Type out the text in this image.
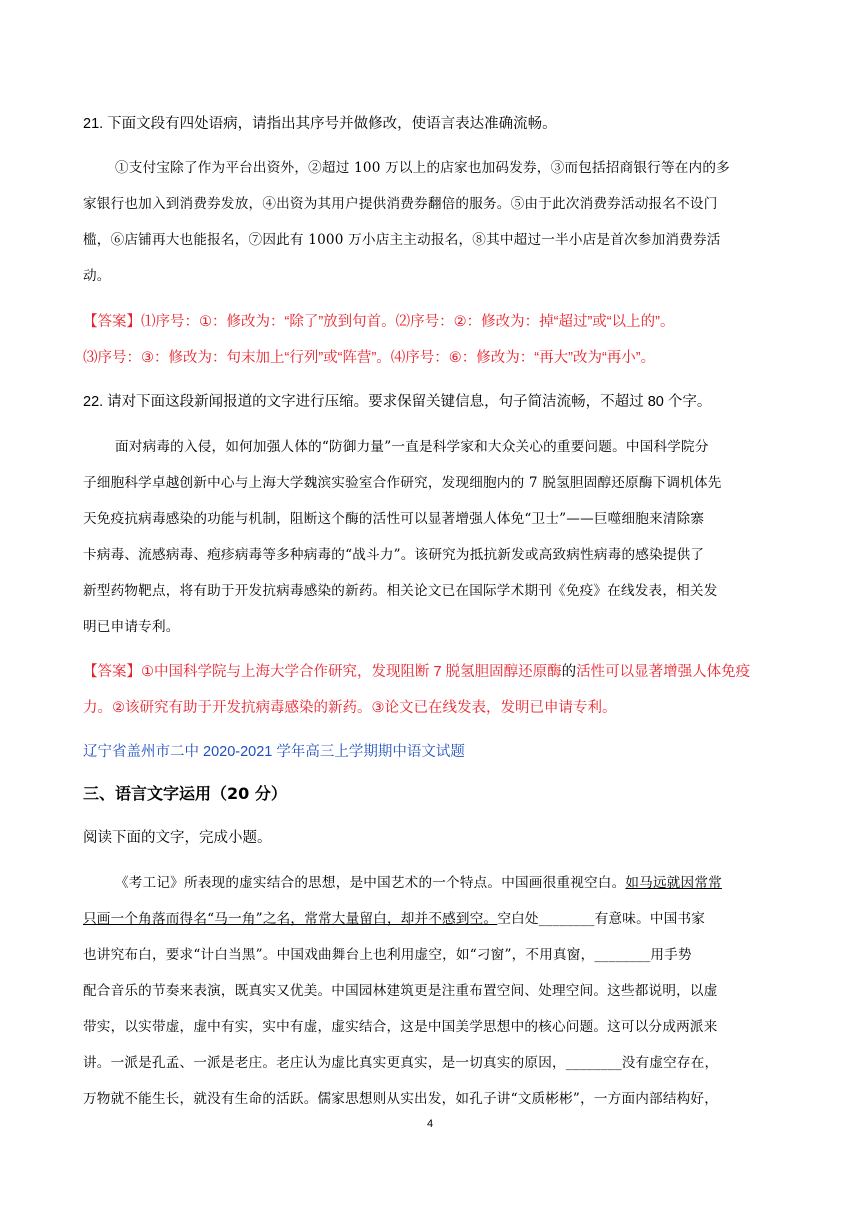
21. 下面文段有四处语病，请指出其序号并做修改，使语言表达准确流畅。
①支付宝除了作为平台出资外，②超过 100 万以上的店家也加码发券，③而包括招商银行等在内的多
家银行也加入到消费券发放，④出资为其用户提供消费券翻倍的服务。⑤由于此次消费券活动报名不设门
槛，⑥店铺再大也能报名，⑦因此有 1000 万小店主主动报名，⑧其中超过一半小店是首次参加消费券活
动。
【答案】⑴序号：①：修改为：“除了”放到句首。⑵序号：②：修改为：掉“超过”或“以上的”。
⑶序号：③：修改为：句末加上“行列”或“阵营”。⑷序号：⑥：修改为：“再大”改为“再小”。
22. 请对下面这段新闻报道的文字进行压缩。要求保留关键信息，句子简洁流畅，不超过 80 个字。
面对病毒的入侵，如何加强人体的“防御力量”一直是科学家和大众关心的重要问题。中国科学院分
子细胞科学卓越创新中心与上海大学魏滨实验室合作研究，发现细胞内的 7 脱氢胆固醇还原酶下调机体先
天免疫抗病毒感染的功能与机制，阻断这个酶的活性可以显著增强人体免“卫士”——巨噬细胞来清除寨
卡病毒、流感病毒、疱疹病毒等多种病毒的“战斗力”。该研究为抵抗新发或高致病性病毒的感染提供了
新型药物靶点，将有助于开发抗病毒感染的新药。相关论文已在国际学术期刊《免疫》在线发表，相关发
明已申请专利。
【答案】①中国科学院与上海大学合作研究，发现阻断 7 脱氢胆固醇还原酶的活性可以显著增强人体免疫
力。②该研究有助于开发抗病毒感染的新药。③论文已在线发表，发明已申请专利。
辽宁省盖州市二中 2020-2021 学年高三上学期期中语文试题
三、语言文字运用（20 分）
阅读下面的文字，完成小题。
《考工记》所表现的虚实结合的思想，是中国艺术的一个特点。中国画很重视空白。如马远就因常常
只画一个角落而得名“马一角”之名，常常大量留白，却并不感到空。空白处________有意味。中国书家
也讲究布白，要求“计白当黑”。中国戏曲舞台上也利用虚空，如“刁窗”，不用真窗，________用手势
配合音乐的节奏来表演，既真实又优美。中国园林建筑更是注重布置空间、处理空间。这些都说明，以虚
带实，以实带虚，虚中有实，实中有虚，虚实结合，这是中国美学思想中的核心问题。这可以分成两派来
讲。一派是孔孟、一派是老庄。老庄认为虚比真实更真实，是一切真实的原因，________没有虚空存在，
万物就不能生长，就没有生命的活跃。儒家思想则从实出发，如孔子讲“文质彬彬”，一方面内部结构好，
4
